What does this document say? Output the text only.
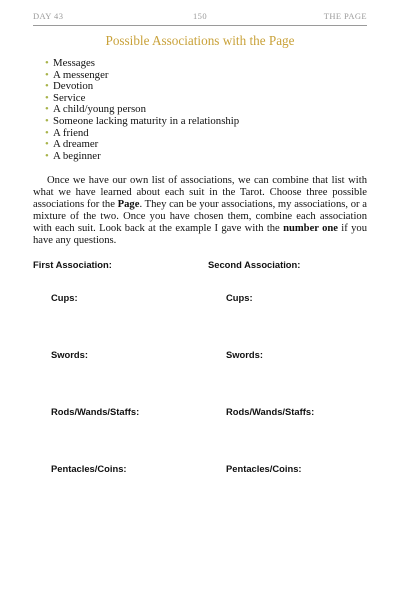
DAY 43	150	THE PAGE
Possible Associations with the Page
• Messages
• A messenger
• Devotion
• Service
• A child/young person
• Someone lacking maturity in a relationship
• A friend
• A dreamer
• A beginner

Once we have our own list of associations, we can combine that list with what we have learned about each suit in the Tarot. Choose three possible associations for the Page. They can be your associations, my associations, or a mixture of the two. Once you have chosen them, combine each association with each suit. Look back at the example I gave with the number one if you have any questions.

First Association:	Second Association:
Cups:	Cups:
Swords:	Swords:
Rods/Wands/Staffs:	Rods/Wands/Staffs:
Pentacles/Coins:	Pentacles/Coins:
